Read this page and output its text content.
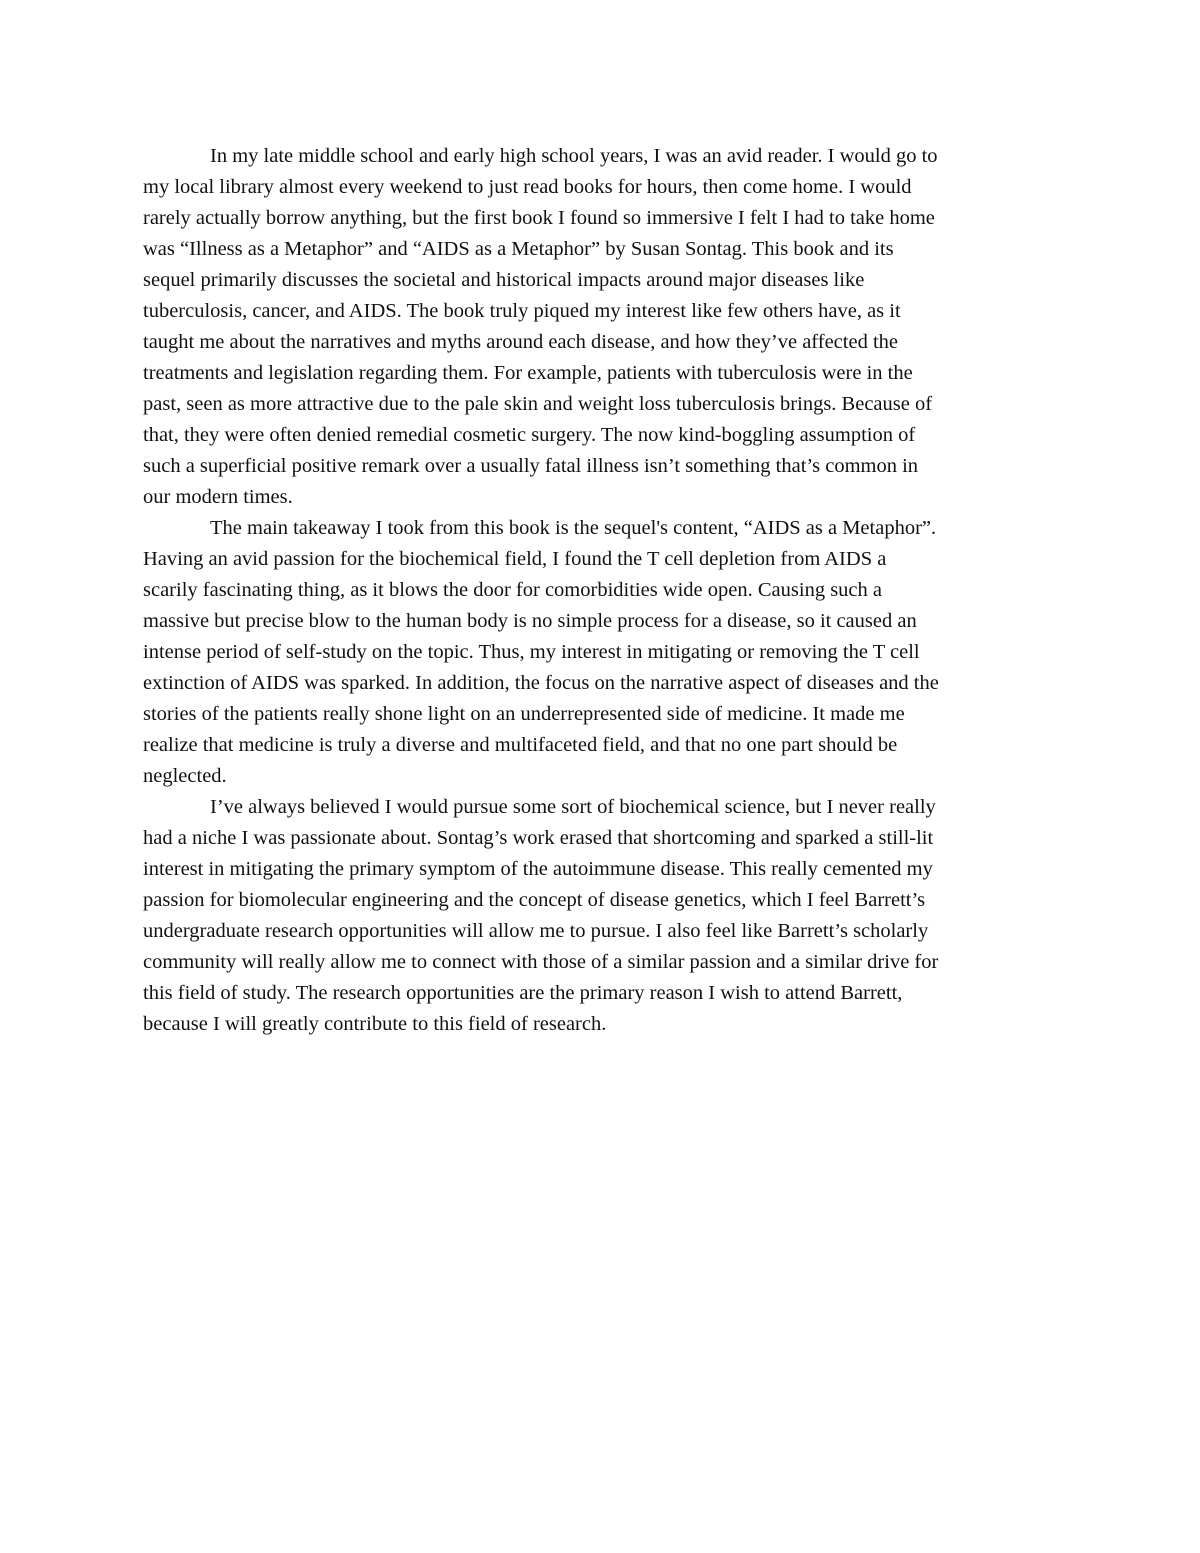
In my late middle school and early high school years, I was an avid reader. I would go to
my local library almost every weekend to just read books for hours, then come home. I would
rarely actually borrow anything, but the first book I found so immersive I felt I had to take home
was “Illness as a Metaphor” and “AIDS as a Metaphor” by Susan Sontag. This book and its
sequel primarily discusses the societal and historical impacts around major diseases like
tuberculosis, cancer, and AIDS. The book truly piqued my interest like few others have, as it
taught me about the narratives and myths around each disease, and how they’ve affected the
treatments and legislation regarding them. For example, patients with tuberculosis were in the
past, seen as more attractive due to the pale skin and weight loss tuberculosis brings. Because of
that, they were often denied remedial cosmetic surgery. The now kind-boggling assumption of
such a superficial positive remark over a usually fatal illness isn’t something that’s common in
our modern times.
The main takeaway I took from this book is the sequel's content, “AIDS as a Metaphor”.
Having an avid passion for the biochemical field, I found the T cell depletion from AIDS a
scarily fascinating thing, as it blows the door for comorbidities wide open. Causing such a
massive but precise blow to the human body is no simple process for a disease, so it caused an
intense period of self-study on the topic. Thus, my interest in mitigating or removing the T cell
extinction of AIDS was sparked. In addition, the focus on the narrative aspect of diseases and the
stories of the patients really shone light on an underrepresented side of medicine. It made me
realize that medicine is truly a diverse and multifaceted field, and that no one part should be
neglected.
I’ve always believed I would pursue some sort of biochemical science, but I never really
had a niche I was passionate about. Sontag’s work erased that shortcoming and sparked a still-lit
interest in mitigating the primary symptom of the autoimmune disease. This really cemented my
passion for biomolecular engineering and the concept of disease genetics, which I feel Barrett’s
undergraduate research opportunities will allow me to pursue. I also feel like Barrett’s scholarly
community will really allow me to connect with those of a similar passion and a similar drive for
this field of study. The research opportunities are the primary reason I wish to attend Barrett,
because I will greatly contribute to this field of research.
